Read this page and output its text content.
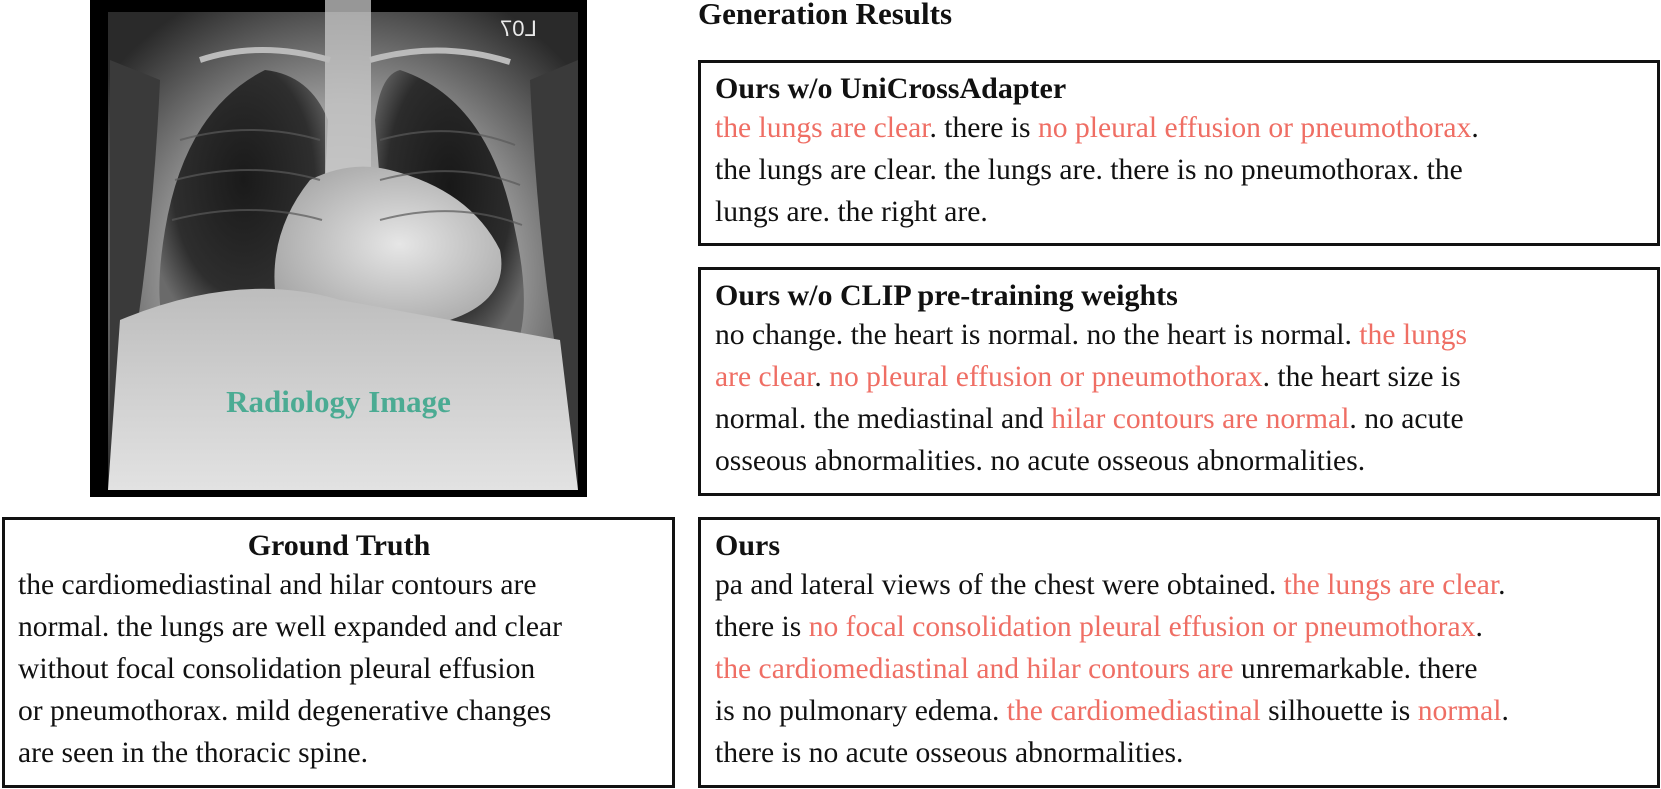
L07
Radiology Image
Ground Truth
the cardiomediastinal and hilar contours are
normal. the lungs are well expanded and clear
without focal consolidation pleural effusion
or pneumothorax. mild degenerative changes
are seen in the thoracic spine.
Generation Results
Ours w/o UniCrossAdapter
the lungs are clear. there is no pleural effusion or pneumothorax.
the lungs are clear. the lungs are. there is no pneumothorax. the
lungs are. the right are.
Ours w/o CLIP pre-training weights
no change. the heart is normal. no the heart is normal. the lungs
are clear. no pleural effusion or pneumothorax. the heart size is
normal. the mediastinal and hilar contours are normal. no acute
osseous abnormalities. no acute osseous abnormalities.
Ours
pa and lateral views of the chest were obtained. the lungs are clear.
there is no focal consolidation pleural effusion or pneumothorax.
the cardiomediastinal and hilar contours are unremarkable. there
is no pulmonary edema. the cardiomediastinal silhouette is normal.
there is no acute osseous abnormalities.
